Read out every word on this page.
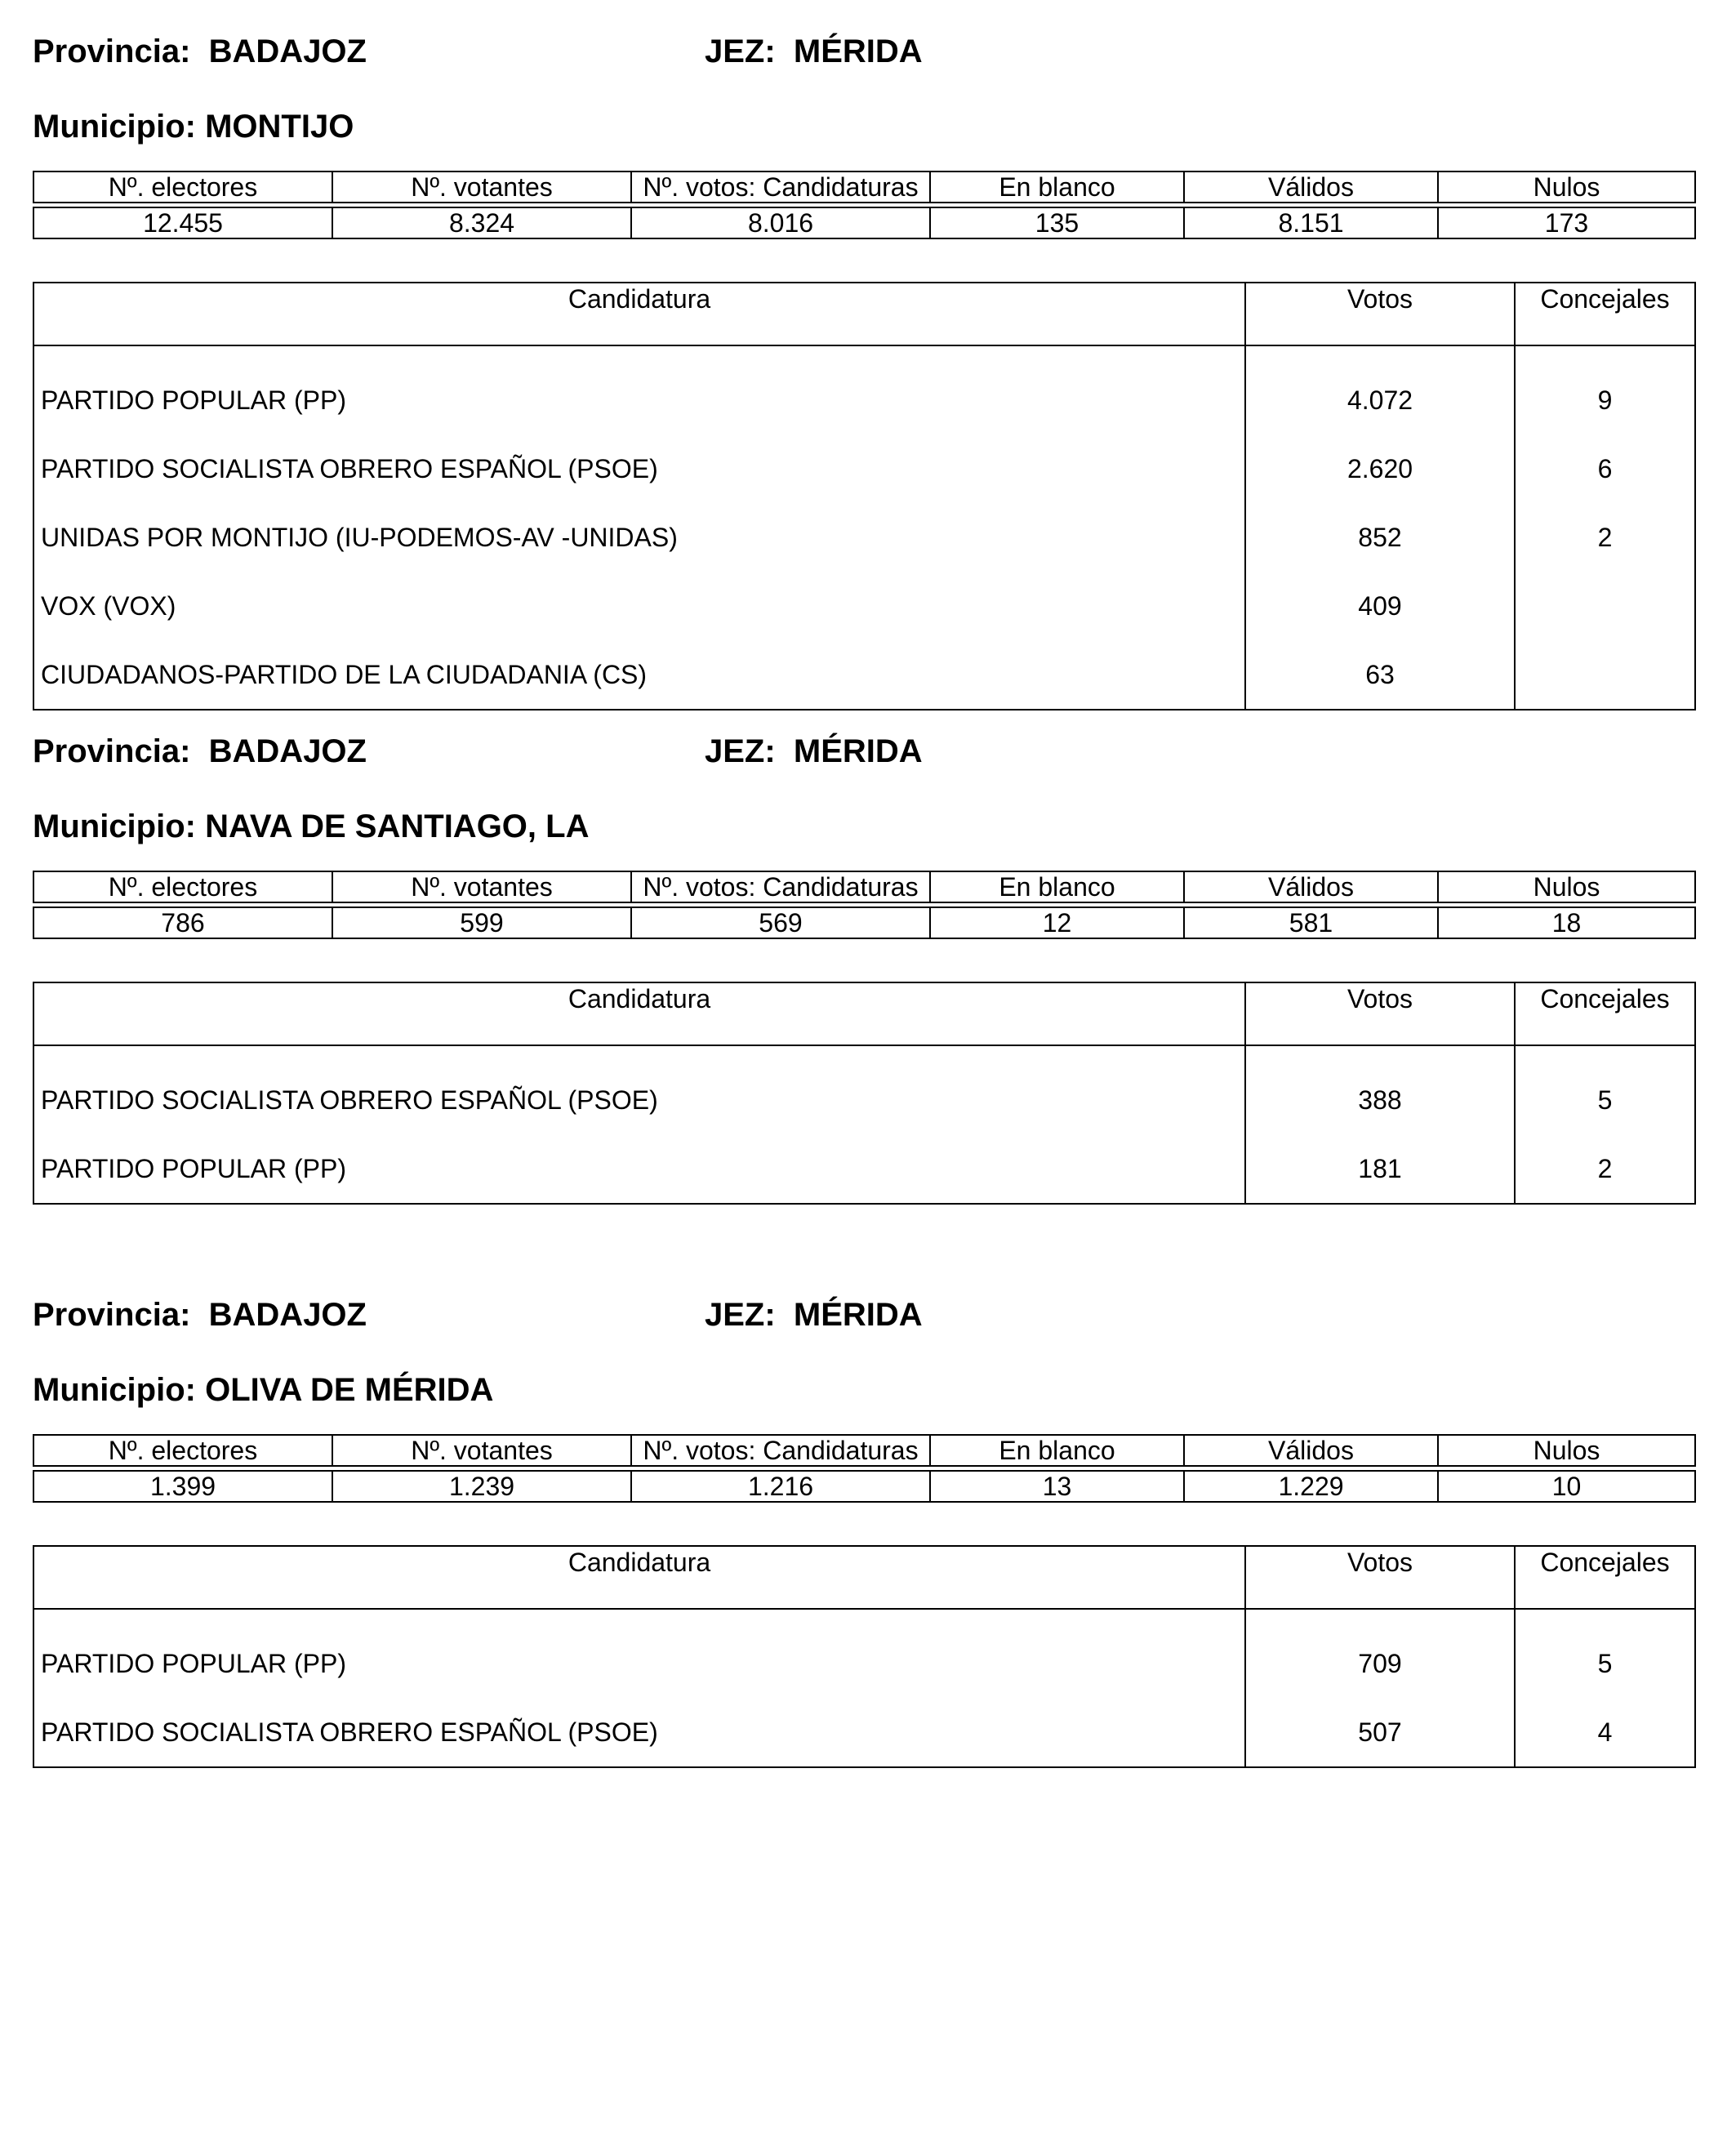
Provincia: BADAJOZ	JEZ: MÉRIDA
Municipio: MONTIJO
Nº. electores	Nº. votantes	Nº. votos: Candidaturas	En blanco	Válidos	Nulos

12.455	8.324	8.016	135	8.151	173
Candidatura	Votos	Concejales

PARTIDO POPULAR (PP)	4.072	9
PARTIDO SOCIALISTA OBRERO ESPAÑOL (PSOE)	2.620	6
UNIDAS POR MONTIJO (IU-PODEMOS-AV -UNIDAS)	852	2
VOX (VOX)	409	
CIUDADANOS-PARTIDO DE LA CIUDADANIA (CS)	63	
Provincia: BADAJOZ	JEZ: MÉRIDA
Municipio: NAVA DE SANTIAGO, LA
Nº. electores	Nº. votantes	Nº. votos: Candidaturas	En blanco	Válidos	Nulos

786	599	569	12	581	18
Candidatura	Votos	Concejales

PARTIDO SOCIALISTA OBRERO ESPAÑOL (PSOE)	388	5
PARTIDO POPULAR (PP)	181	2
Provincia: BADAJOZ	JEZ: MÉRIDA
Municipio: OLIVA DE MÉRIDA
Nº. electores	Nº. votantes	Nº. votos: Candidaturas	En blanco	Válidos	Nulos

1.399	1.239	1.216	13	1.229	10
Candidatura	Votos	Concejales

PARTIDO POPULAR (PP)	709	5
PARTIDO SOCIALISTA OBRERO ESPAÑOL (PSOE)	507	4
